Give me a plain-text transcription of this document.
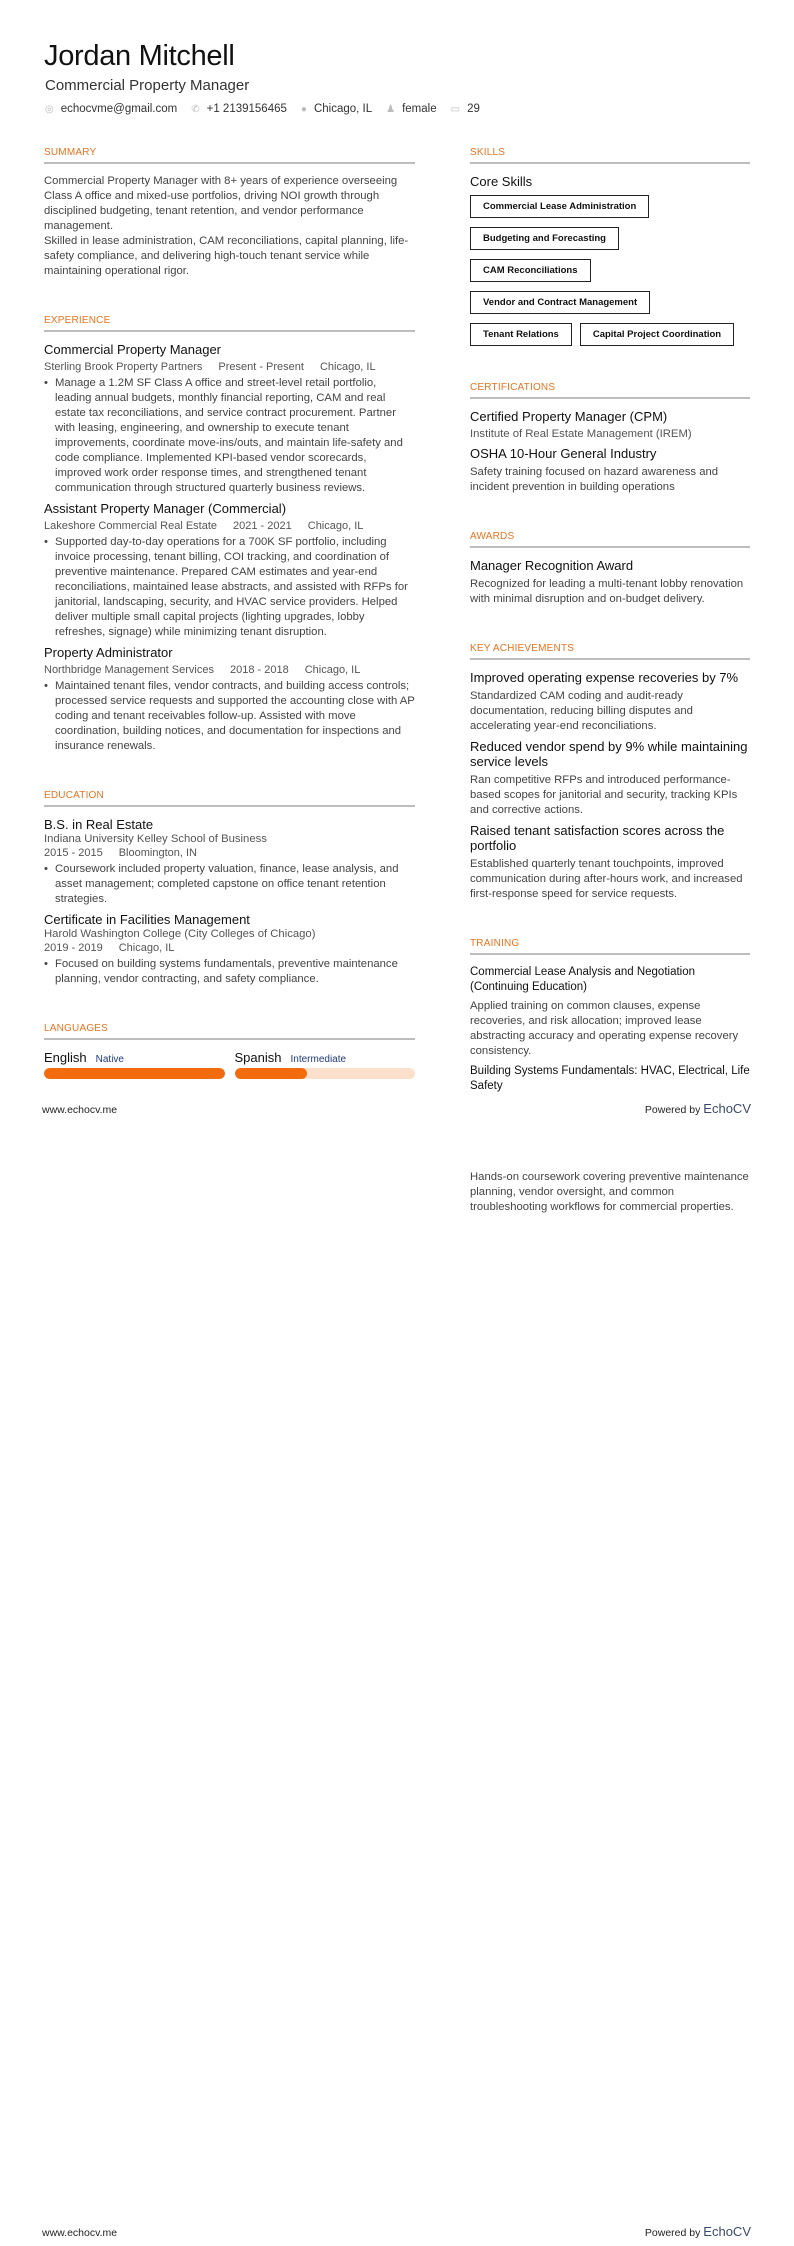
Jordan Mitchell
Commercial Property Manager
◎ echocvme@gmail.com ✆ +1 2139156465 ● Chicago, IL ♟ female ▭ 29
SUMMARY

Commercial Property Manager with 8+ years of experience overseeing Class A office and mixed-use portfolios, driving NOI growth through disciplined budgeting, tenant retention, and vendor performance management.

Skilled in lease administration, CAM reconciliations, capital planning, life-safety compliance, and delivering high-touch tenant service while maintaining operational rigor.

EXPERIENCE
Commercial Property Manager
Sterling Brook Property Partners Present - Present Chicago, IL
• Manage a 1.2M SF Class A office and street-level retail portfolio, leading annual budgets, monthly financial reporting, CAM and real estate tax reconciliations, and service contract procurement. Partner with leasing, engineering, and ownership to execute tenant improvements, coordinate move-ins/outs, and maintain life-safety and code compliance. Implemented KPI-based vendor scorecards, improved work order response times, and strengthened tenant communication through structured quarterly business reviews.
Assistant Property Manager (Commercial)
Lakeshore Commercial Real Estate 2021 - 2021 Chicago, IL
• Supported day-to-day operations for a 700K SF portfolio, including invoice processing, tenant billing, COI tracking, and coordination of preventive maintenance. Prepared CAM estimates and year-end reconciliations, maintained lease abstracts, and assisted with RFPs for janitorial, landscaping, security, and HVAC service providers. Helped deliver multiple small capital projects (lighting upgrades, lobby refreshes, signage) while minimizing tenant disruption.
Property Administrator
Northbridge Management Services 2018 - 2018 Chicago, IL
• Maintained tenant files, vendor contracts, and building access controls; processed service requests and supported the accounting close with AP coding and tenant receivables follow-up. Assisted with move coordination, building notices, and documentation for inspections and insurance renewals.
EDUCATION
B.S. in Real Estate
Indiana University Kelley School of Business
2015 - 2015 Bloomington, IN
• Coursework included property valuation, finance, lease analysis, and asset management; completed capstone on office tenant retention strategies.
Certificate in Facilities Management
Harold Washington College (City Colleges of Chicago)
2019 - 2019 Chicago, IL
• Focused on building systems fundamentals, preventive maintenance planning, vendor contracting, and safety compliance.
LANGUAGES
English Native	Spanish Intermediate
SKILLS
Core Skills
Commercial Lease Administration
Budgeting and Forecasting
CAM Reconciliations
Vendor and Contract Management
Tenant Relations	Capital Project Coordination
CERTIFICATIONS
Certified Property Manager (CPM)
Institute of Real Estate Management (IREM)
OSHA 10-Hour General Industry
Safety training focused on hazard awareness and incident prevention in building operations
AWARDS
Manager Recognition Award
Recognized for leading a multi-tenant lobby renovation with minimal disruption and on-budget delivery.
KEY ACHIEVEMENTS
Improved operating expense recoveries by 7%
Standardized CAM coding and audit-ready documentation, reducing billing disputes and accelerating year-end reconciliations.
Reduced vendor spend by 9% while maintaining service levels
Ran competitive RFPs and introduced performance-based scopes for janitorial and security, tracking KPIs and corrective actions.
Raised tenant satisfaction scores across the portfolio
Established quarterly tenant touchpoints, improved communication during after-hours work, and increased first-response speed for service requests.
TRAINING
Commercial Lease Analysis and Negotiation (Continuing Education)
Applied training on common clauses, expense recoveries, and risk allocation; improved lease abstracting accuracy and operating expense recovery consistency.
Building Systems Fundamentals: HVAC, Electrical, Life Safety
Hands-on coursework covering preventive maintenance planning, vendor oversight, and common troubleshooting workflows for commercial properties.
www.echocv.me	Powered by EchoCV
www.echocv.me	Powered by EchoCV
